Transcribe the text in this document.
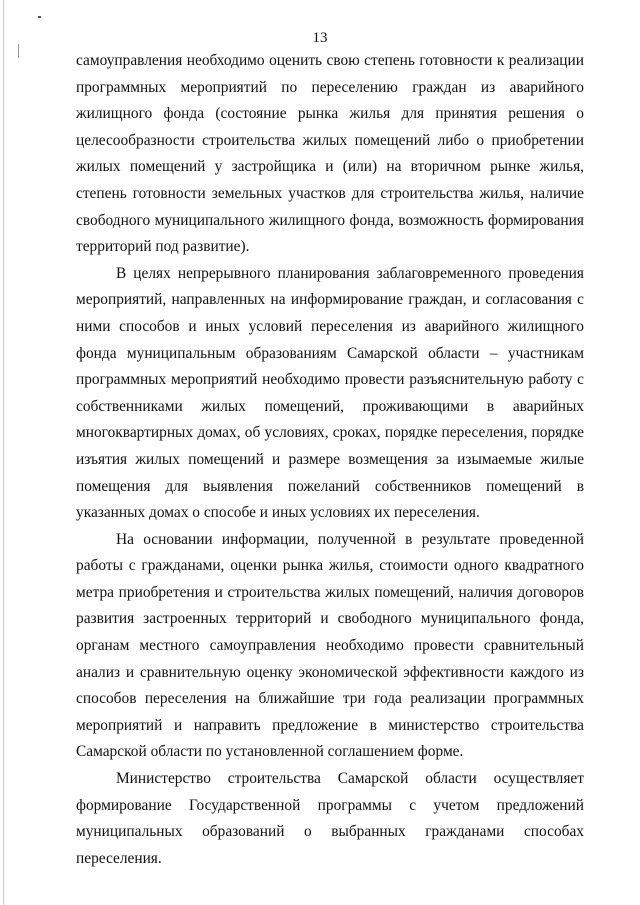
13

самоуправления необходимо оценить свою степень готовности к реализации программных мероприятий по переселению граждан из аварийного жилищного фонда (состояние рынка жилья для принятия решения о целесообразности строительства жилых помещений либо о приобретении жилых помещений у застройщика и (или) на вторичном рынке жилья, степень готовности земельных участков для строительства жилья, наличие свободного муниципального жилищного фонда, возможность формирования территорий под развитие).

В целях непрерывного планирования заблаговременного проведения мероприятий, направленных на информирование граждан, и согласования с ними способов и иных условий переселения из аварийного жилищного фонда муниципальным образованиям Самарской области – участникам программных мероприятий необходимо провести разъяснительную работу с собственниками жилых помещений, проживающими в аварийных многоквартирных домах, об условиях, сроках, порядке переселения, порядке изъятия жилых помещений и размере возмещения за изымаемые жилые помещения для выявления пожеланий собственников помещений в указанных домах о способе и иных условиях их переселения.

На основании информации, полученной в результате проведенной работы с гражданами, оценки рынка жилья, стоимости одного квадратного метра приобретения и строительства жилых помещений, наличия договоров развития застроенных территорий и свободного муниципального фонда, органам местного самоуправления необходимо провести сравнительный анализ и сравнительную оценку экономической эффективности каждого из способов переселения на ближайшие три года реализации программных мероприятий и направить предложение в министерство строительства Самарской области по установленной соглашением форме.

Министерство строительства Самарской области осуществляет формирование Государственной программы с учетом предложений муниципальных образований о выбранных гражданами способах переселения.
